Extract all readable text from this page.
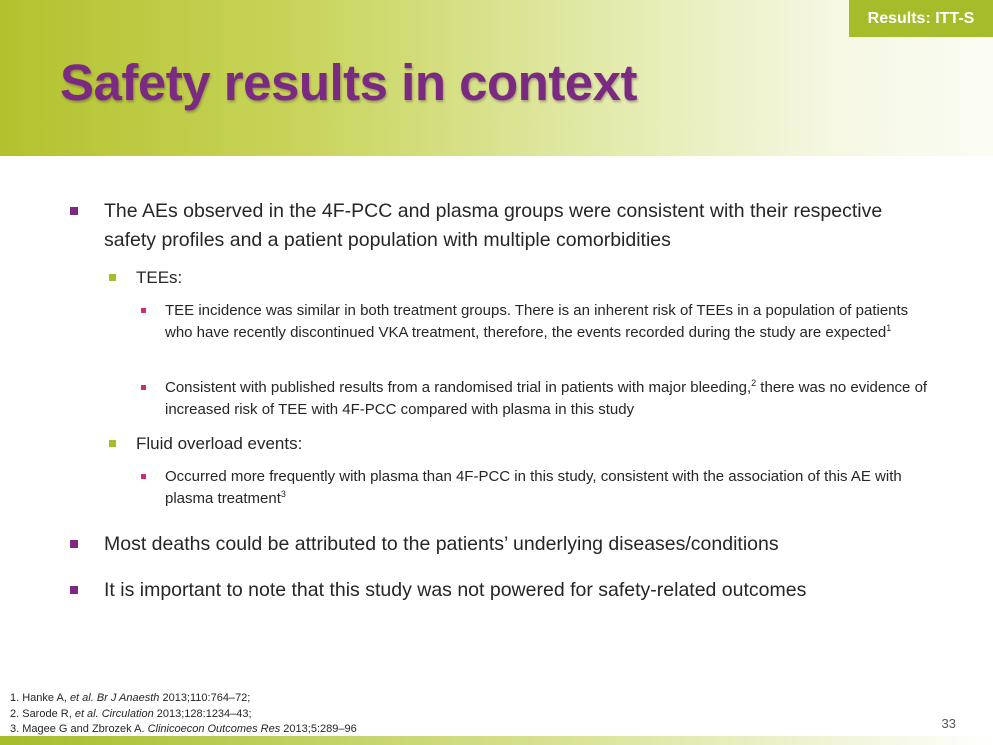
Results: ITT-S
Safety results in context
The AEs observed in the 4F-PCC and plasma groups were consistent with their respective safety profiles and a patient population with multiple comorbidities
TEEs:
TEE incidence was similar in both treatment groups. There is an inherent risk of TEEs in a population of patients who have recently discontinued VKA treatment, therefore, the events recorded during the study are expected$^1$
Consistent with published results from a randomised trial in patients with major bleeding,$^2$ there was no evidence of increased risk of TEE with 4F-PCC compared with plasma in this study
Fluid overload events:
Occurred more frequently with plasma than 4F-PCC in this study, consistent with the association of this AE with plasma treatment$^3$
Most deaths could be attributed to the patients’ underlying diseases/conditions
It is important to note that this study was not powered for safety-related outcomes
1. Hanke A, et al. Br J Anaesth 2013;110:764–72;
2. Sarode R, et al. Circulation 2013;128:1234–43;
3. Magee G and Zbrozek A. Clinicoecon Outcomes Res 2013;5:289–96	33
